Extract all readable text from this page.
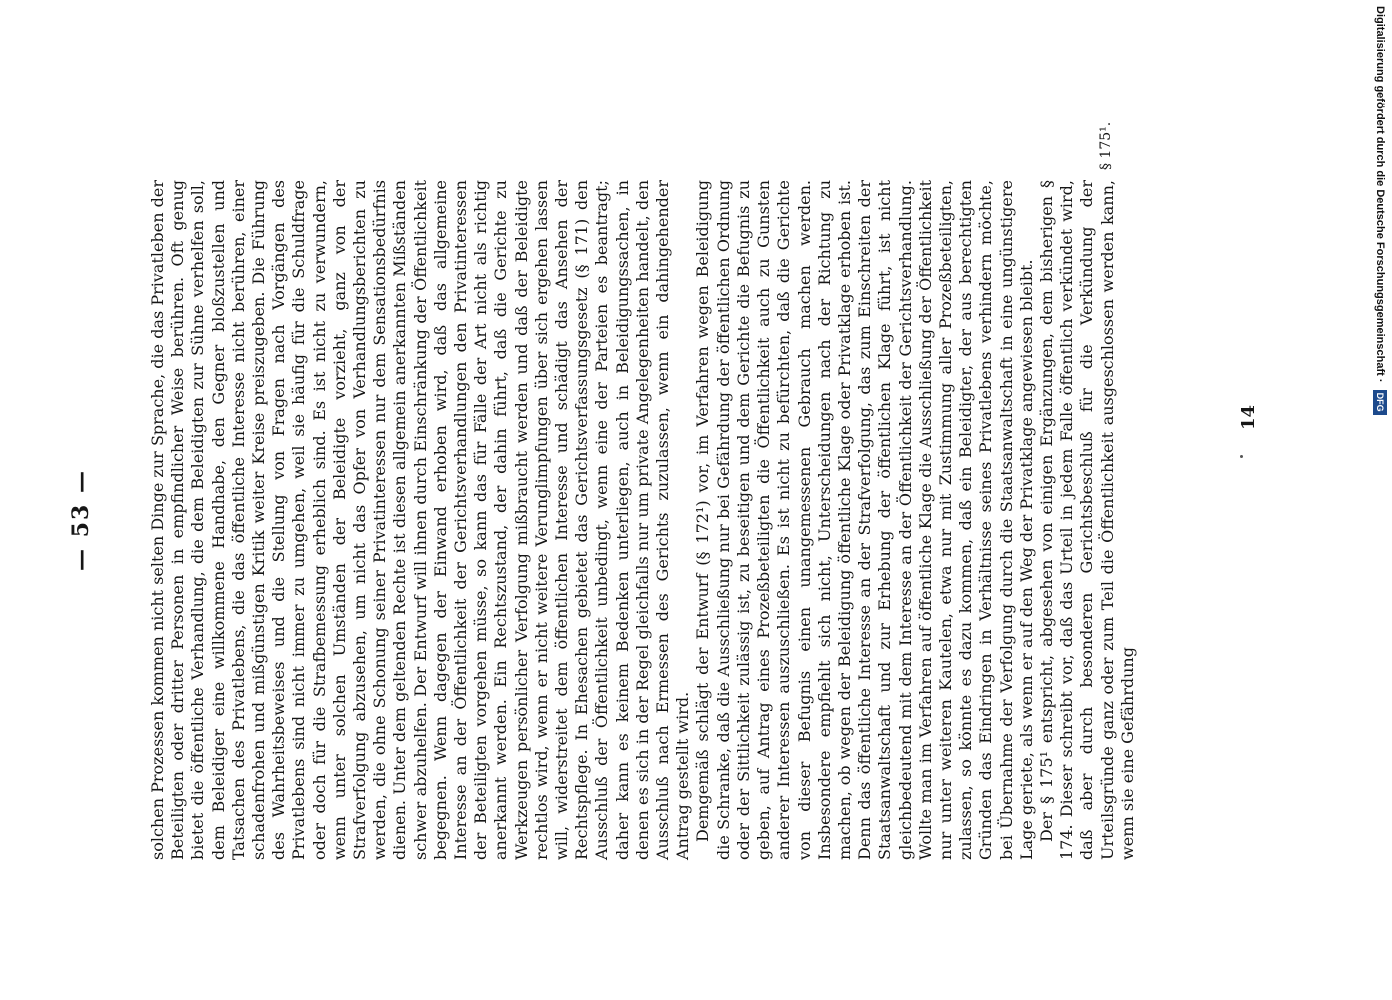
— 53 —	solchen Prozessen kommen nicht selten Dinge zur Sprache, die das Privatleben der Beteiligten oder dritter Personen in empfindlicher Weise berühren. Oft genug bietet die öffentliche Verhandlung, die dem Beleidigten zur Sühne verhelfen soll, dem Beleidiger eine willkommene Handhabe, den Gegner bloßzustellen und Tatsachen des Privatlebens, die das öffentliche Interesse nicht berühren, einer schadenfrohen und mißgünstigen Kritik weiter Kreise preiszugeben. Die Führung des Wahrheitsbeweises und die Stellung von Fragen nach Vorgängen des Privatlebens sind nicht immer zu umgehen, weil sie häufig für die Schuldfrage oder doch für die Strafbemessung erheblich sind. Es ist nicht zu verwundern, wenn unter solchen Umständen der Beleidigte vorzieht, ganz von der Strafverfolgung abzusehen, um nicht das Opfer von Verhandlungsberichten zu werden, die ohne Schonung seiner Privatinteressen nur dem Sensationsbedürfnis dienen. Unter dem geltenden Rechte ist diesen allgemein anerkannten Mißständen schwer abzuhelfen. Der Entwurf will ihnen durch Einschränkung der Öffentlichkeit begegnen. Wenn dagegen der Einwand erhoben wird, daß das allgemeine Interesse an der Öffentlichkeit der Gerichtsverhandlungen den Privatinteressen der Beteiligten vorgehen müsse, so kann das für Fälle der Art nicht als richtig anerkannt werden. Ein Rechtszustand, der dahin führt, daß die Gerichte zu Werkzeugen persönlicher Verfolgung mißbraucht werden und daß der Beleidigte rechtlos wird, wenn er nicht weitere Verunglimpfungen über sich ergehen lassen will, widerstreitet dem öffentlichen Interesse und schädigt das Ansehen der Rechtspflege. In Ehesachen gebietet das Gerichtsverfassungsgesetz (§ 171) den Ausschluß der Öffentlichkeit unbedingt, wenn eine der Parteien es beantragt; daher kann es keinem Bedenken unterliegen, auch in Beleidigungssachen, in denen es sich in der Regel gleichfalls nur um private Angelegenheiten handelt, den Ausschluß nach Ermessen des Gerichts zuzulassen, wenn ein dahingehender Antrag gestellt wird. Demgemäß schlägt der Entwurf (§ 172¹) vor, im Verfahren wegen Beleidigung die Schranke, daß die Ausschließung nur bei Gefährdung der öffentlichen Ordnung oder der Sittlichkeit zulässig ist, zu beseitigen und dem Gerichte die Befugnis zu geben, auf Antrag eines Prozeßbeteiligten die Öffentlichkeit auch zu Gunsten anderer Interessen auszuschließen. Es ist nicht zu befürchten, daß die Gerichte von dieser Befugnis einen unangemessenen Gebrauch machen werden. Insbesondere empfiehlt sich nicht, Unterscheidungen nach der Richtung zu machen, ob wegen der Beleidigung öffentliche Klage oder Privatklage erhoben ist. Denn das öffentliche Interesse an der Strafverfolgung, das zum Einschreiten der Staatsanwaltschaft und zur Erhebung der öffentlichen Klage führt, ist nicht gleichbedeutend mit dem Interesse an der Öffentlichkeit der Gerichtsverhandlung. Wollte man im Verfahren auf öffentliche Klage die Ausschließung der Öffentlichkeit nur unter weiteren Kautelen, etwa nur mit Zustimmung aller Prozeßbeteiligten, zulassen, so könnte es dazu kommen, daß ein Beleidigter, der aus berechtigten Gründen das Eindringen in Verhältnisse seines Privatlebens verhindern möchte, bei Übernahme der Verfolgung durch die Staatsanwaltschaft in eine ungünstigere Lage geriete, als wenn er auf den Weg der Privatklage angewiesen bleibt. Der § 175¹ entspricht, abgesehen von einigen Ergänzungen, dem bisherigen § 174. Dieser schreibt vor, daß das Urteil in jedem Falle öffentlich verkündet wird, daß aber durch besonderen Gerichtsbeschluß für die Verkündung der Urteilsgründe ganz oder zum Teil die Öffentlichkeit ausgeschlossen werden kann, wenn sie eine Gefährdung

§ 175¹.
14
Digitalisierung gefördert durch die Deutsche Forschungsgemeinschaft · DFG
